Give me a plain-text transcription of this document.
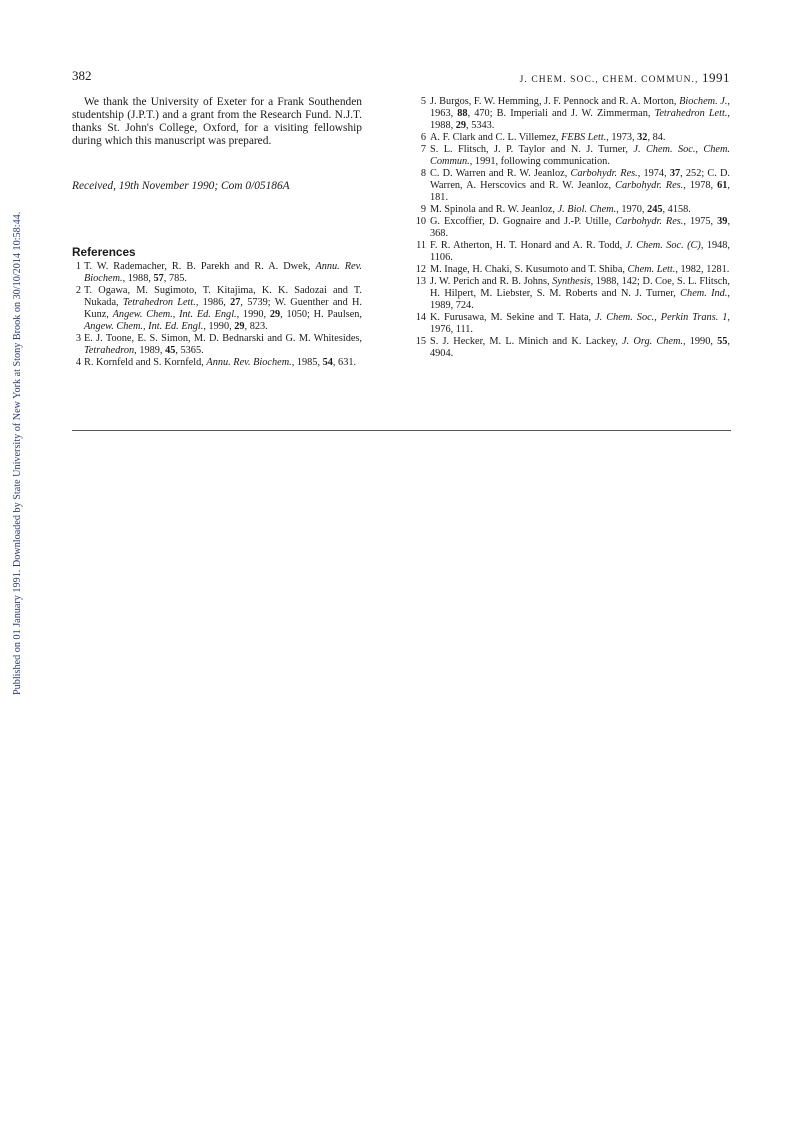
382	J. CHEM. SOC., CHEM. COMMUN., 1991
Published on 01 January 1991. Downloaded by State University of New York at Stony Brook on 30/10/2014 10:58:44.

We thank the University of Exeter for a Frank Southenden studentship (J.P.T.) and a grant from the Research Fund. N.J.T. thanks St. John's College, Oxford, for a visiting fellowship during which this manuscript was prepared.

Received, 19th November 1990; Com 0/05186A

References

1 T. W. Rademacher, R. B. Parekh and R. A. Dwek, Annu. Rev. Biochem., 1988, 57, 785.

2 T. Ogawa, M. Sugimoto, T. Kitajima, K. K. Sadozai and T. Nukada, Tetrahedron Lett., 1986, 27, 5739; W. Guenther and H. Kunz, Angew. Chem., Int. Ed. Engl., 1990, 29, 1050; H. Paulsen, Angew. Chem., Int. Ed. Engl., 1990, 29, 823.

3 E. J. Toone, E. S. Simon, M. D. Bednarski and G. M. Whitesides, Tetrahedron, 1989, 45, 5365.

4 R. Kornfeld and S. Kornfeld, Annu. Rev. Biochem., 1985, 54, 631.

5 J. Burgos, F. W. Hemming, J. F. Pennock and R. A. Morton, Biochem. J., 1963, 88, 470; B. Imperiali and J. W. Zimmerman, Tetrahedron Lett., 1988, 29, 5343.

6 A. F. Clark and C. L. Villemez, FEBS Lett., 1973, 32, 84.

7 S. L. Flitsch, J. P. Taylor and N. J. Turner, J. Chem. Soc., Chem. Commun., 1991, following communication.

8 C. D. Warren and R. W. Jeanloz, Carbohydr. Res., 1974, 37, 252; C. D. Warren, A. Herscovics and R. W. Jeanloz, Carbohydr. Res., 1978, 61, 181.

9 M. Spinola and R. W. Jeanloz, J. Biol. Chem., 1970, 245, 4158.

10 G. Excoffier, D. Gognaire and J.-P. Utille, Carbohydr. Res., 1975, 39, 368.

11 F. R. Atherton, H. T. Honard and A. R. Todd, J. Chem. Soc. (C), 1948, 1106.

12 M. Inage, H. Chaki, S. Kusumoto and T. Shiba, Chem. Lett., 1982, 1281.

13 J. W. Perich and R. B. Johns, Synthesis, 1988, 142; D. Coe, S. L. Flitsch, H. Hilpert, M. Liebster, S. M. Roberts and N. J. Turner, Chem. Ind., 1989, 724.

14 K. Furusawa, M. Sekine and T. Hata, J. Chem. Soc., Perkin Trans. 1, 1976, 111.

15 S. J. Hecker, M. L. Minich and K. Lackey, J. Org. Chem., 1990, 55, 4904.
